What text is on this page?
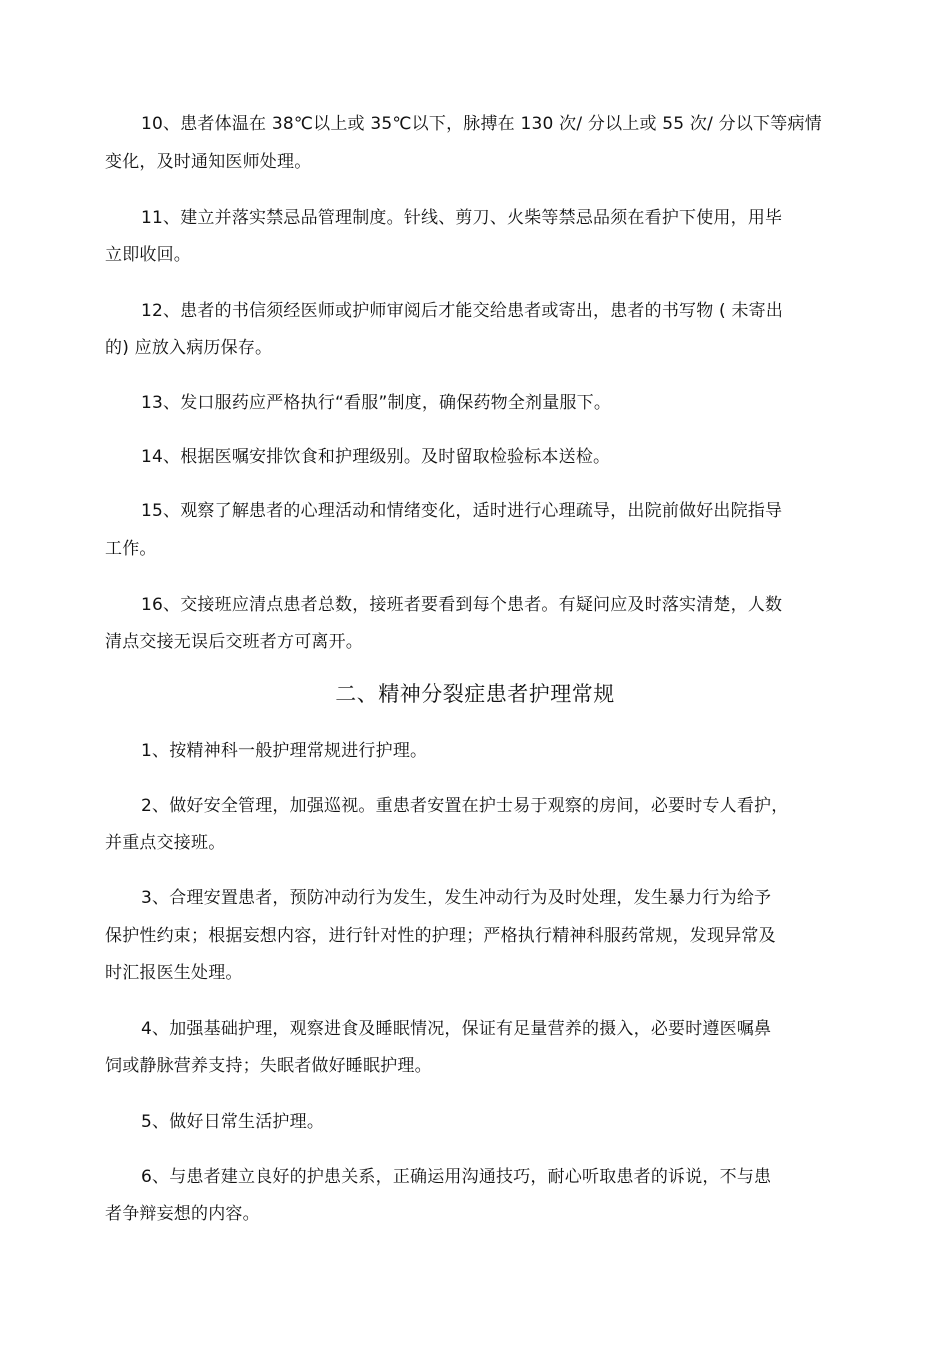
10、患者体温在 38℃以上或 35℃以下，脉搏在 130 次/ 分以上或 55 次/ 分以下等病情
变化，及时通知医师处理。
11、建立并落实禁忌品管理制度。针线、剪刀、火柴等禁忌品须在看护下使用，用毕
立即收回。
12、患者的书信须经医师或护师审阅后才能交给患者或寄出，患者的书写物 ( 未寄出
的) 应放入病历保存。
13、发口服药应严格执行“看服”制度，确保药物全剂量服下。
14、根据医嘱安排饮食和护理级别。及时留取检验标本送检。
15、观察了解患者的心理活动和情绪变化，适时进行心理疏导，出院前做好出院指导
工作。
16、交接班应清点患者总数，接班者要看到每个患者。有疑问应及时落实清楚，人数
清点交接无误后交班者方可离开。
二、精神分裂症患者护理常规
1、按精神科一般护理常规进行护理。
2、做好安全管理，加强巡视。重患者安置在护士易于观察的房间，必要时专人看护，
并重点交接班。
3、合理安置患者，预防冲动行为发生，发生冲动行为及时处理，发生暴力行为给予
保护性约束；根据妄想内容，进行针对性的护理；严格执行精神科服药常规，发现异常及
时汇报医生处理。
4、加强基础护理，观察进食及睡眠情况，保证有足量营养的摄入，必要时遵医嘱鼻
饲或静脉营养支持；失眠者做好睡眠护理。
5、做好日常生活护理。
6、与患者建立良好的护患关系，正确运用沟通技巧，耐心听取患者的诉说，不与患
者争辩妄想的内容。
